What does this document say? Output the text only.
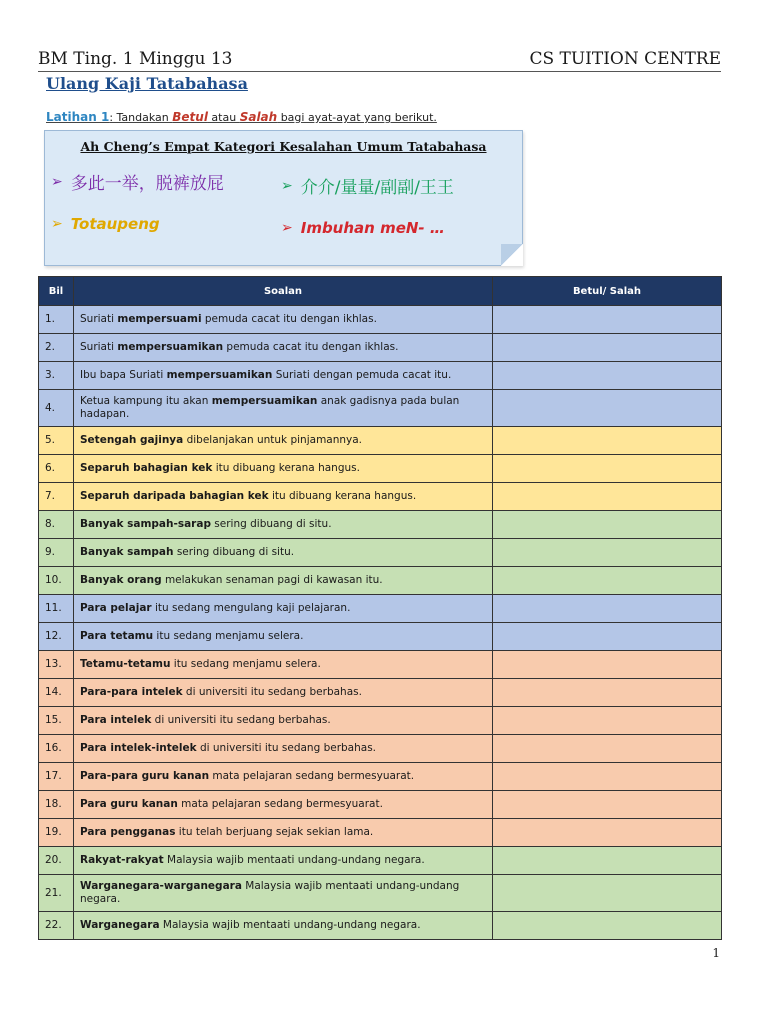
BM Ting. 1 Minggu 13	CS TUITION CENTRE
Ulang Kaji Tatabahasa
Latihan 1: Tandakan Betul atau Salah bagi ayat-ayat yang berikut.
Ah Cheng’s Empat Kategori Kesalahan Umum Tatabahasa
➢ 多此一举，脱裤放屁	➢ 介介/量量/副副/王王
➢ Totaupeng	➢ Imbuhan meN- …
Bil	Soalan	Betul/ Salah
1.	Suriati mempersuami pemuda cacat itu dengan ikhlas.	
2.	Suriati mempersuamikan pemuda cacat itu dengan ikhlas.	
3.	Ibu bapa Suriati mempersuamikan Suriati dengan pemuda cacat itu.	
4.	Ketua kampung itu akan mempersuamikan anak gadisnya pada bulan hadapan.	
5.	Setengah gajinya dibelanjakan untuk pinjamannya.	
6.	Separuh bahagian kek itu dibuang kerana hangus.	
7.	Separuh daripada bahagian kek itu dibuang kerana hangus.	
8.	Banyak sampah-sarap sering dibuang di situ.	
9.	Banyak sampah sering dibuang di situ.	
10.	Banyak orang melakukan senaman pagi di kawasan itu.	
11.	Para pelajar itu sedang mengulang kaji pelajaran.	
12.	Para tetamu itu sedang menjamu selera.	
13.	Tetamu-tetamu itu sedang menjamu selera.	
14.	Para-para intelek di universiti itu sedang berbahas.	
15.	Para intelek di universiti itu sedang berbahas.	
16.	Para intelek-intelek di universiti itu sedang berbahas.	
17.	Para-para guru kanan mata pelajaran sedang bermesyuarat.	
18.	Para guru kanan mata pelajaran sedang bermesyuarat.	
19.	Para pengganas itu telah berjuang sejak sekian lama.	
20.	Rakyat-rakyat Malaysia wajib mentaati undang-undang negara.	
21.	Warganegara-warganegara Malaysia wajib mentaati undang-undang negara.	
22.	Warganegara Malaysia wajib mentaati undang-undang negara.	
1
